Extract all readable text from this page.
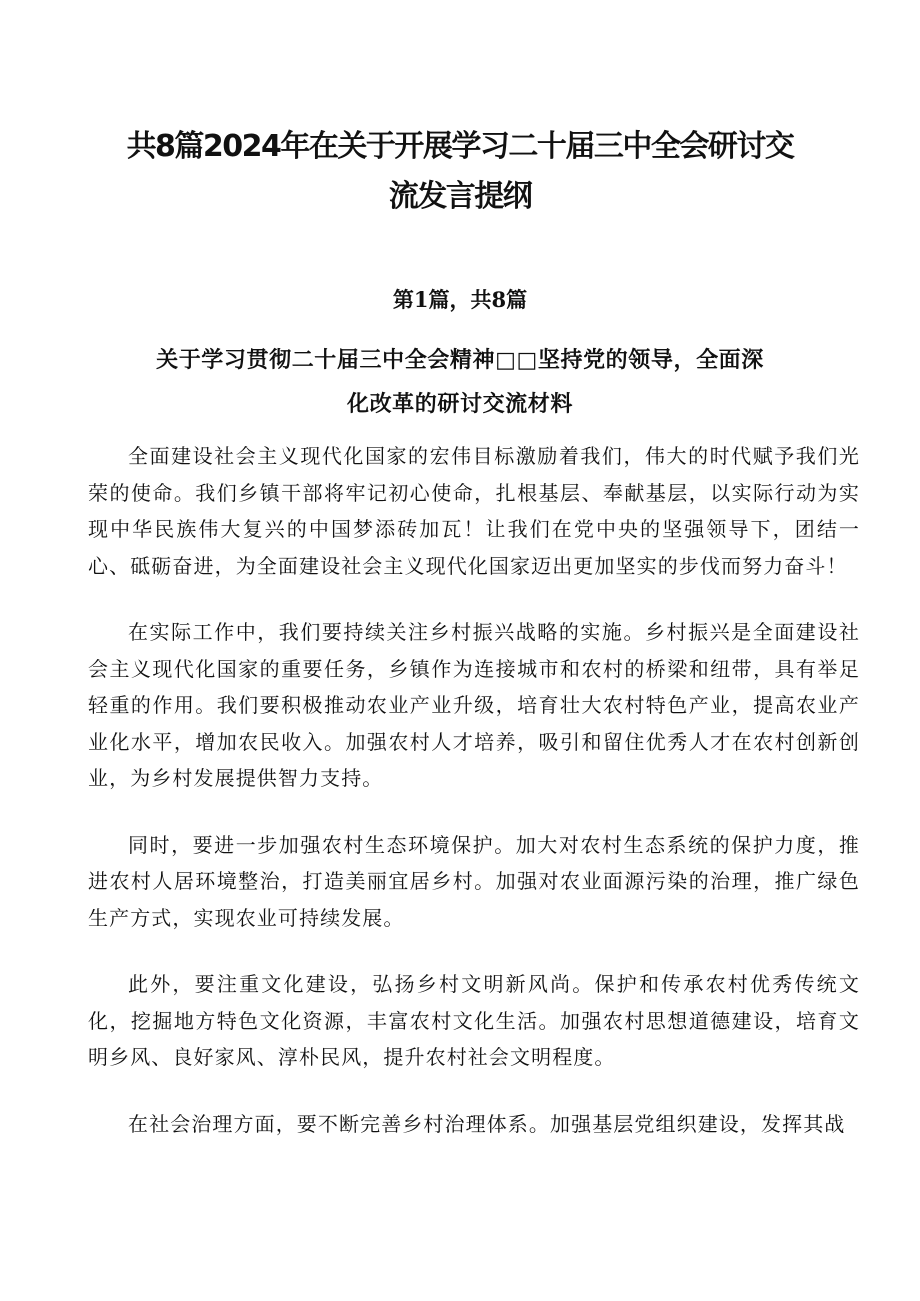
共8篇2024年在关于开展学习二十届三中全会研讨交
流发言提纲
第1篇，共8篇
关于学习贯彻二十届三中全会精神□□坚持党的领导，全面深
化改革的研讨交流材料

全面建设社会主义现代化国家的宏伟目标激励着我们，伟大的时代赋予我们光荣的使命。我们乡镇干部将牢记初心使命，扎根基层、奉献基层，以实际行动为实现中华民族伟大复兴的中国梦添砖加瓦！让我们在党中央的坚强领导下，团结一心、砥砺奋进，为全面建设社会主义现代化国家迈出更加坚实的步伐而努力奋斗！

在实际工作中，我们要持续关注乡村振兴战略的实施。乡村振兴是全面建设社会主义现代化国家的重要任务，乡镇作为连接城市和农村的桥梁和纽带，具有举足轻重的作用。我们要积极推动农业产业升级，培育壮大农村特色产业，提高农业产业化水平，增加农民收入。加强农村人才培养，吸引和留住优秀人才在农村创新创业，为乡村发展提供智力支持。

同时，要进一步加强农村生态环境保护。加大对农村生态系统的保护力度，推进农村人居环境整治，打造美丽宜居乡村。加强对农业面源污染的治理，推广绿色生产方式，实现农业可持续发展。

此外，要注重文化建设，弘扬乡村文明新风尚。保护和传承农村优秀传统文化，挖掘地方特色文化资源，丰富农村文化生活。加强农村思想道德建设，培育文明乡风、良好家风、淳朴民风，提升农村社会文明程度。

在社会治理方面，要不断完善乡村治理体系。加强基层党组织建设，发挥其战
